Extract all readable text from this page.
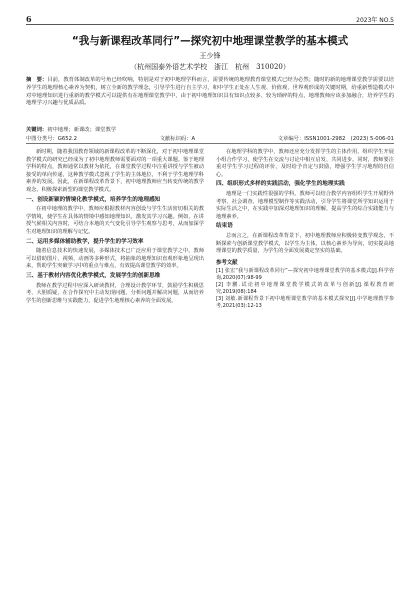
6	2023年 NO.5
“我与新课程改革同行”—探究初中地理课堂教学的基本模式
王少锋
（杭州国泰外语艺术学校　浙江　杭州　310020）
摘　要：目前，教育体制改革的号角已经吹响，特别是对于初中地理学科而言，需要传统的地理教育课堂模式已经为必然；随时的新的地理课堂教学需要以培养学生的地理核心素养为契机，树立全新的教学理念，引导学生进行自主学习，和中学生正处在人生观、价值观、世界观形成的关键时期，给重新塑造模式中对中地理知识进行重新的教学模式可以提供有在地理课堂教学中，由于初中地理知识具有知识点较多、较为琐碎的特点，地理教师应该多加融合，培养学生的地理学习兴趣与优质品质。
关键词：初中地理；新课改；课堂教学
中图分类号：G652.2	文献标识码：A	文章编号：ISSN1001-2982　(2023) 5-006-01

新时期，随着我国教育领域的新课程改革的不断深化，对于初中地理课堂教学模式的研究已经成为了初中地理教师需要面对的一项重大课题。鉴于地理学科的特点，教师通常以教材为依托，在课堂教学过程中注重讲授与学生被动接受的单向传递，这种教学模式忽视了学生的主体地位，不利于学生地理学科素养的发展。因此，在新课程改革背景下，初中地理教师应当转变传统的教学观念，积极探索新型的课堂教学模式。

一、创设新颖的情境化教学模式，培养学生的地理感知

在初中地理的教学中，教师应根据教材内容创设与学生生活密切相关的教学情境，使学生在具体的情境中感知地理知识，激发其学习兴趣。例如，在讲授气候相关内容时，可结合本地的天气变化引导学生观察与思考，从而加深学生对地理知识的理解与记忆。

二、运用多媒体辅助教学，提升学生的学习效率

随着信息技术的快速发展，多媒体技术已广泛应用于课堂教学之中。教师可以借助图片、视频、动画等多种形式，将抽象的地理知识直观形象地呈现出来，帮助学生突破学习中的重点与难点，有效提高课堂教学的效率。

三、基于教材内容优化教学模式，发展学生的创新思维

教师在教学过程中应深入研读教材，合理设计教学环节，鼓励学生积极思考、大胆质疑，在合作探究中主动发现问题、分析问题并解决问题，从而培养学生的创新思维与实践能力，促进学生地理核心素养的全面发展。

在地理学科的教学中，教师还应充分发挥学生的主体作用，组织学生开展小组合作学习，使学生在交流与讨论中相互启发、共同进步。同时，教师要注重对学生学习过程的评价，及时给予肯定与鼓励，增强学生学习地理的自信心。

四、组织形式多样的实践活动，强化学生的地理实践

地理是一门实践性很强的学科。教师可以结合教学内容组织学生开展野外考察、社会调查、地理模型制作等实践活动，引导学生将课堂所学知识运用于实际生活之中，在实践中加深对地理知识的理解，提高学生的综合实践能力与地理素养。

结束语

总而言之，在新课程改革背景下，初中地理教师应积极转变教学观念，不断探索与创新课堂教学模式，以学生为主体，以核心素养为导向，切实提高地理课堂的教学质量，为学生的全面发展奠定坚实的基础。

参考文献
[1] 张宏“我与新课程改革同行”—探究初中地理课堂教学的基本模式[J].科学咨询,2020(07):98-99
[2] 李鹏.试论初中地理课堂教学模式的改革与创新[J].课程教育研究,2019(08):184
[3] 刘敏.新课程背景下初中地理课堂教学的基本模式探究[J].中学地理教学参考,2021(03):12-13
